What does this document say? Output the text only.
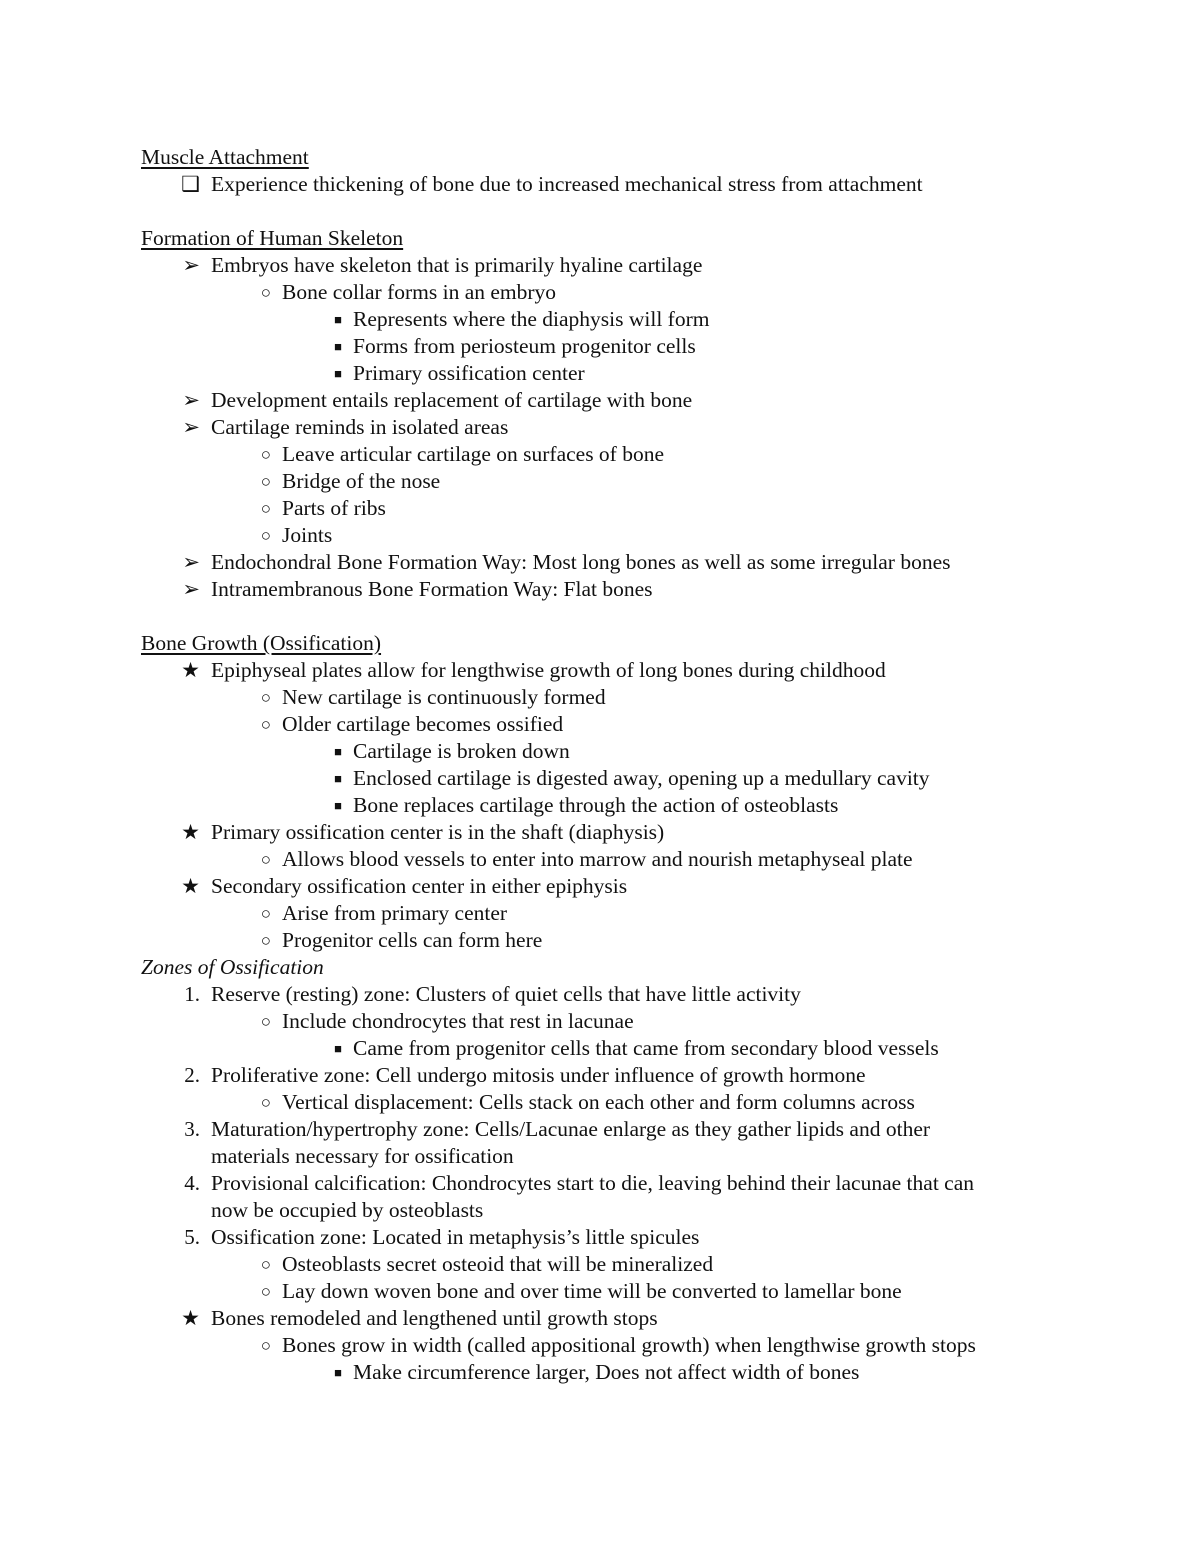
Muscle Attachment
❑ Experience thickening of bone due to increased mechanical stress from attachment
Formation of Human Skeleton
➢ Embryos have skeleton that is primarily hyaline cartilage
○ Bone collar forms in an embryo
■ Represents where the diaphysis will form
■ Forms from periosteum progenitor cells
■ Primary ossification center
➢ Development entails replacement of cartilage with bone
➢ Cartilage reminds in isolated areas
○ Leave articular cartilage on surfaces of bone
○ Bridge of the nose
○ Parts of ribs
○ Joints
➢ Endochondral Bone Formation Way: Most long bones as well as some irregular bones
➢ Intramembranous Bone Formation Way: Flat bones
Bone Growth (Ossification)
★ Epiphyseal plates allow for lengthwise growth of long bones during childhood
○ New cartilage is continuously formed
○ Older cartilage becomes ossified
■ Cartilage is broken down
■ Enclosed cartilage is digested away, opening up a medullary cavity
■ Bone replaces cartilage through the action of osteoblasts
★ Primary ossification center is in the shaft (diaphysis)
○ Allows blood vessels to enter into marrow and nourish metaphyseal plate
★ Secondary ossification center in either epiphysis
○ Arise from primary center
○ Progenitor cells can form here
Zones of Ossification
1. Reserve (resting) zone: Clusters of quiet cells that have little activity
○ Include chondrocytes that rest in lacunae
■ Came from progenitor cells that came from secondary blood vessels
2. Proliferative zone: Cell undergo mitosis under influence of growth hormone
○ Vertical displacement: Cells stack on each other and form columns across
3. Maturation/hypertrophy zone: Cells/Lacunae enlarge as they gather lipids and other
materials necessary for ossification
4. Provisional calcification: Chondrocytes start to die, leaving behind their lacunae that can
now be occupied by osteoblasts
5. Ossification zone: Located in metaphysis’s little spicules
○ Osteoblasts secret osteoid that will be mineralized
○ Lay down woven bone and over time will be converted to lamellar bone
★ Bones remodeled and lengthened until growth stops
○ Bones grow in width (called appositional growth) when lengthwise growth stops
■ Make circumference larger, Does not affect width of bones
